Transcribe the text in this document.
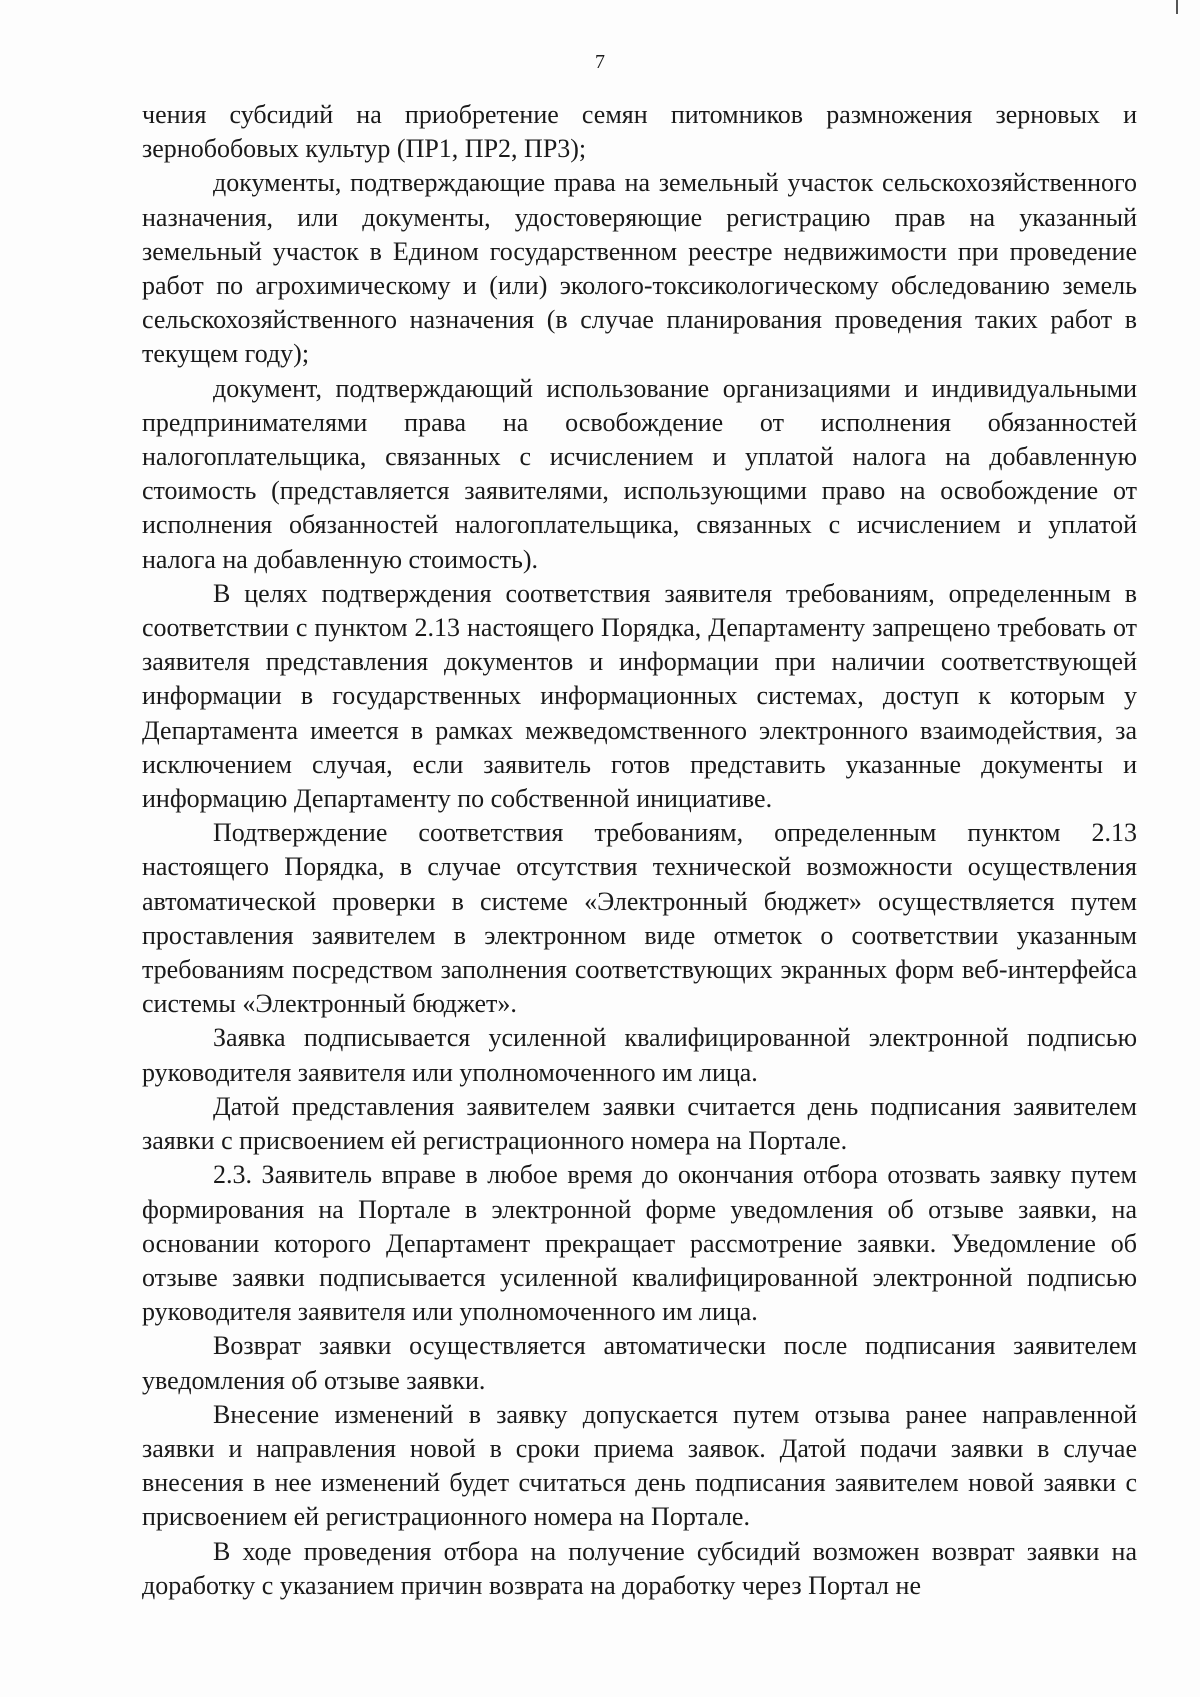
7

чения субсидий на приобретение семян питомников размножения зерновых и зернобобовых культур (ПР1, ПР2, ПР3);

документы, подтверждающие права на земельный участок сельскохозяйственного назначения, или документы, удостоверяющие регистрацию прав на указанный земельный участок в Едином государственном реестре недвижимости при проведение работ по агрохимическому и (или) эколого-токсикологическому обследованию земель сельскохозяйственного назначения (в случае планирования проведения таких работ в текущем году);

документ, подтверждающий использование организациями и индивидуальными предпринимателями права на освобождение от исполнения обязанностей налогоплательщика, связанных с исчислением и уплатой налога на добавленную стоимость (представляется заявителями, использующими право на освобождение от исполнения обязанностей налогоплательщика, связанных с исчислением и уплатой налога на добавленную стоимость).

В целях подтверждения соответствия заявителя требованиям, определенным в соответствии с пунктом 2.13 настоящего Порядка, Департаменту запрещено требовать от заявителя представления документов и информации при наличии соответствующей информации в государственных информационных системах, доступ к которым у Департамента имеется в рамках межведомственного электронного взаимодействия, за исключением случая, если заявитель готов представить указанные документы и информацию Департаменту по собственной инициативе.

Подтверждение соответствия требованиям, определенным пунктом 2.13 настоящего Порядка, в случае отсутствия технической возможности осуществления автоматической проверки в системе «Электронный бюджет» осуществляется путем проставления заявителем в электронном виде отметок о соответствии указанным требованиям посредством заполнения соответствующих экранных форм веб-интерфейса системы «Электронный бюджет».

Заявка подписывается усиленной квалифицированной электронной подписью руководителя заявителя или уполномоченного им лица.

Датой представления заявителем заявки считается день подписания заявителем заявки с присвоением ей регистрационного номера на Портале.

2.3. Заявитель вправе в любое время до окончания отбора отозвать заявку путем формирования на Портале в электронной форме уведомления об отзыве заявки, на основании которого Департамент прекращает рассмотрение заявки. Уведомление об отзыве заявки подписывается усиленной квалифицированной электронной подписью руководителя заявителя или уполномоченного им лица.

Возврат заявки осуществляется автоматически после подписания заявителем уведомления об отзыве заявки.

Внесение изменений в заявку допускается путем отзыва ранее направленной заявки и направления новой в сроки приема заявок. Датой подачи заявки в случае внесения в нее изменений будет считаться день подписания заявителем новой заявки с присвоением ей регистрационного номера на Портале.

В ходе проведения отбора на получение субсидий возможен возврат заявки на доработку с указанием причин возврата на доработку через Портал не
